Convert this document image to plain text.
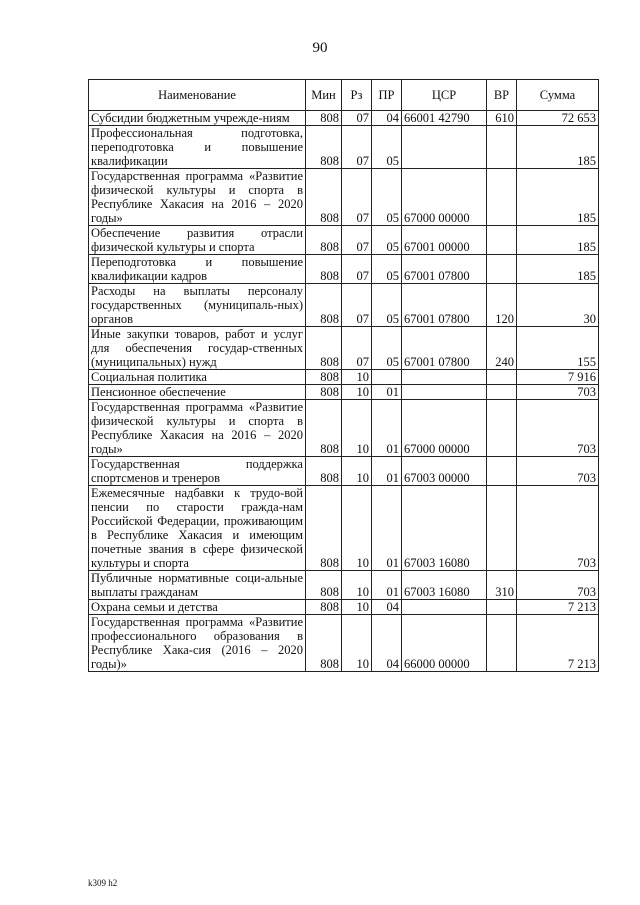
90
Наименование	Мин	Рз	ПР	ЦСР	ВР	Сумма
Субсидии бюджетным учрежде-ниям	808	07	04	66001 42790	610	72 653
Профессиональная подготовка, переподготовка и повышение квалификации	808	07	05			185
Государственная программа «Развитие физической культуры и спорта в Республике Хакасия на 2016 – 2020 годы»	808	07	05	67000 00000		185
Обеспечение развития отрасли физической культуры и спорта	808	07	05	67001 00000		185
Переподготовка и повышение квалификации кадров	808	07	05	67001 07800		185
Расходы на выплаты персоналу государственных (муниципаль-ных) органов	808	07	05	67001 07800	120	30
Иные закупки товаров, работ и услуг для обеспечения государ-ственных (муниципальных) нужд	808	07	05	67001 07800	240	155
Социальная политика	808	10				7 916
Пенсионное обеспечение	808	10	01			703
Государственная программа «Развитие физической культуры и спорта в Республике Хакасия на 2016 – 2020 годы»	808	10	01	67000 00000		703
Государственная поддержка спортсменов и тренеров	808	10	01	67003 00000		703
Ежемесячные надбавки к трудо-вой пенсии по старости гражда-нам Российской Федерации, проживающим в Республике Хакасия и имеющим почетные звания в сфере физической культуры и спорта	808	10	01	67003 16080		703
Публичные нормативные соци-альные выплаты гражданам	808	10	01	67003 16080	310	703
Охрана семьи и детства	808	10	04			7 213
Государственная программа «Развитие профессионального образования в Республике Хака-сия (2016 – 2020 годы)»	808	10	04	66000 00000		7 213
k309 h2
